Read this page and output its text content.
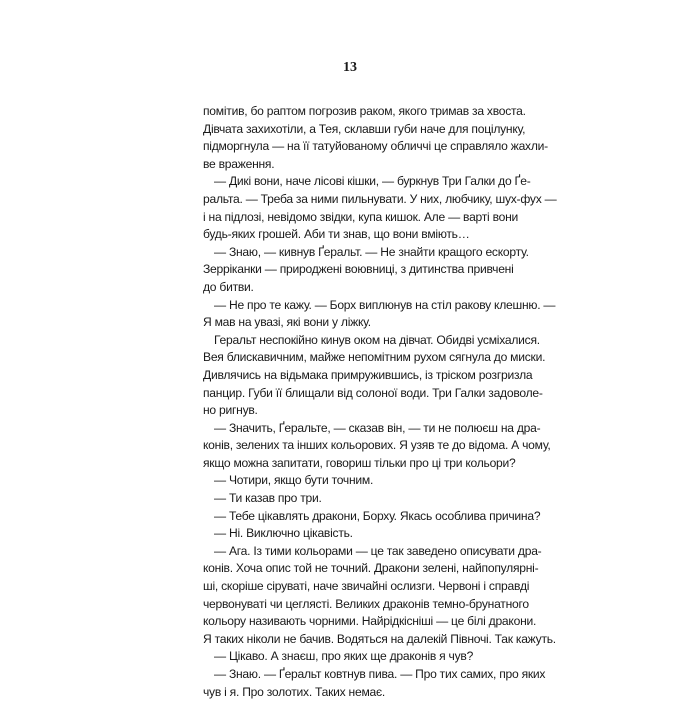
13
помітив, бо раптом погрозив раком, якого тримав за хвоста.
Дівчата захихотіли, а Тея, склавши губи наче для поцілунку,
підморгнула — на її татуйованому обличчі це справляло жахли-
ве враження.
— Дикі вони, наче лісові кішки, — буркнув Три Галки до Ґе-
ральта. — Треба за ними пильнувати. У них, любчику, шух-фух —
і на підлозі, невідомо звідки, купа кишок. Але — варті вони
будь-яких грошей. Аби ти знав, що вони вміють…
— Знаю, — кивнув Ґеральт. — Не знайти кращого ескорту.
Зерріканки — природжені воювниці, з дитинства привчені
до битви.
— Не про те кажу. — Борх виплюнув на стіл ракову клешню. —
Я мав на увазі, які вони у ліжку.
Геральт неспокійно кинув оком на дівчат. Обидві усміхалися.
Вея блискавичним, майже непомітним рухом сягнула до миски.
Дивлячись на відьмака примружившись, із тріском розгризла
панцир. Губи її блищали від солоної води. Три Галки задоволе-
но ригнув.
— Значить, Ґеральте, — сказав він, — ти не полюєш на дра-
конів, зелених та інших кольорових. Я узяв те до відома. А чому,
якщо можна запитати, говориш тільки про ці три кольори?
— Чотири, якщо бути точним.
— Ти казав про три.
— Тебе цікавлять дракони, Борху. Якась особлива причина?
— Ні. Виключно цікавість.
— Ага. Із тими кольорами — це так заведено описувати дра-
конів. Хоча опис той не точний. Дракони зелені, найпопулярні-
ші, скоріше сіруваті, наче звичайні ослизги. Червоні і справді
червонуваті чи цеглясті. Великих драконів темно-брунатного
кольору називають чорними. Найрідкісніші — це білі дракони.
Я таких ніколи не бачив. Водяться на далекій Півночі. Так кажуть.
— Цікаво. А знаєш, про яких ще драконів я чув?
— Знаю. — Ґеральт ковтнув пива. — Про тих самих, про яких
чув і я. Про золотих. Таких немає.
